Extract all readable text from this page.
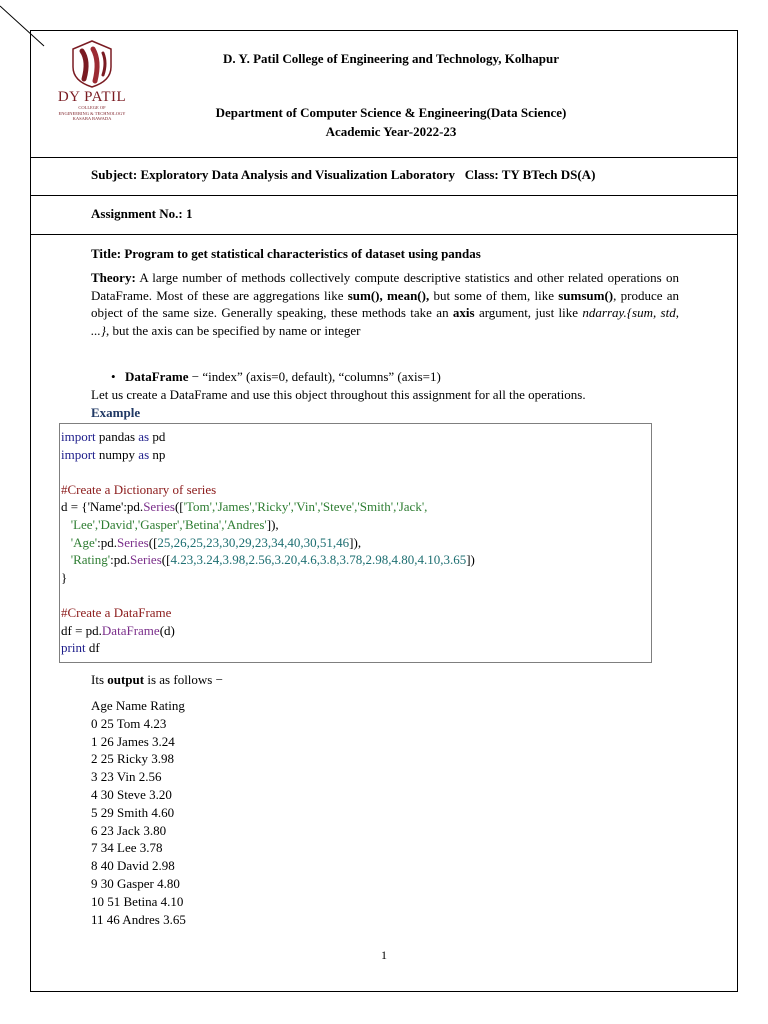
DY PATIL
COLLEGE OF
ENGINEERING & TECHNOLOGY
KASABA BAWADA
D. Y. Patil College of Engineering and Technology, Kolhapur
Department of Computer Science & Engineering(Data Science)
Academic Year-2022-23
Subject: Exploratory Data Analysis and Visualization Laboratory   Class: TY BTech DS(A)
Assignment No.: 1
Title: Program to get statistical characteristics of dataset using pandas
Theory: A large number of methods collectively compute descriptive statistics and other related operations on DataFrame. Most of these are aggregations like sum(), mean(), but some of them, like sumsum(), produce an object of the same size. Generally speaking, these methods take an axis argument, just like ndarray.{sum, std, ...}, but the axis can be specified by name or integer
• DataFrame − “index” (axis=0, default), “columns” (axis=1)
Let us create a DataFrame and use this object throughout this assignment for all the operations.
Example
Its output is as follows −
Age Name Rating
0 25 Tom 4.23
1 26 James 3.24
2 25 Ricky 3.98
3 23 Vin 2.56
4 30 Steve 3.20
5 29 Smith 4.60
6 23 Jack 3.80
7 34 Lee 3.78
8 40 David 2.98
9 30 Gasper 4.80
10 51 Betina 4.10
11 46 Andres 3.65
import pandas as pd
import numpy as np
#Create a Dictionary of series
d = {'Name':pd.Series(['Tom','James','Ricky','Vin','Steve','Smith','Jack',
'Lee','David','Gasper','Betina','Andres']),
'Age':pd.Series([25,26,25,23,30,29,23,34,40,30,51,46]),
'Rating':pd.Series([4.23,3.24,3.98,2.56,3.20,4.6,3.8,3.78,2.98,4.80,4.10,3.65])
}
#Create a DataFrame
df = pd.DataFrame(d)
print df
1
